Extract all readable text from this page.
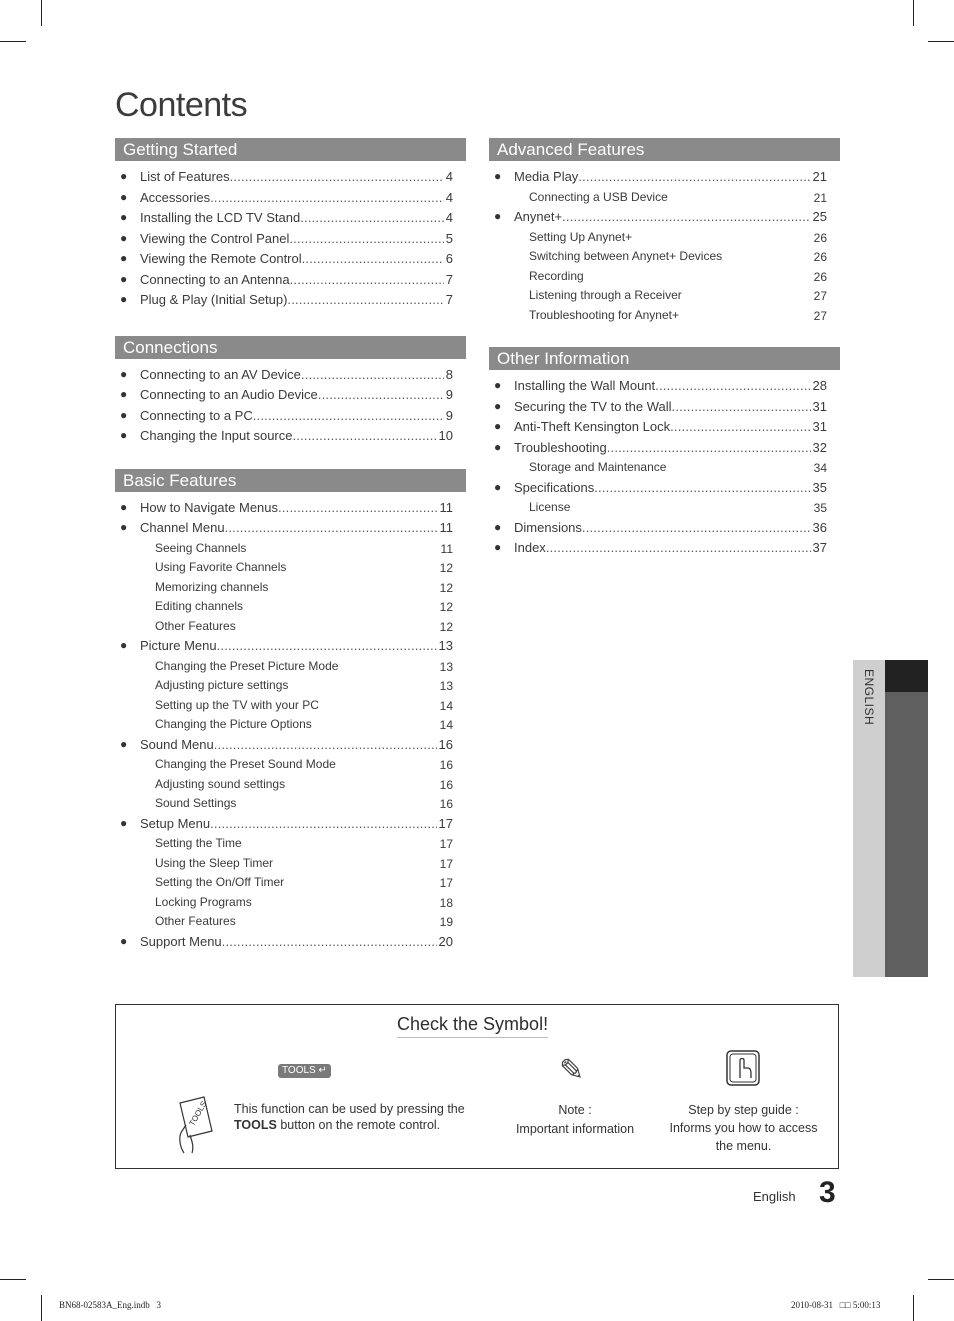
Contents
Getting Started
● List of Features .....	4
● Accessories .....	4
● Installing the LCD TV Stand .....	4
● Viewing the Control Panel .....	5
● Viewing the Remote Control .....	6
● Connecting to an Antenna .....	7
● Plug & Play (Initial Setup) .....	7
Connections
● Connecting to an AV Device .....	8
● Connecting to an Audio Device .....	9
● Connecting to a PC .....	9
● Changing the Input source .....	10
Basic Features
● How to Navigate Menus .....	11
● Channel Menu .....	11
Seeing Channels	11
Using Favorite Channels	12
Memorizing channels	12
Editing channels	12
Other Features	12
● Picture Menu .....	13
Changing the Preset Picture Mode	13
Adjusting picture settings	13
Setting up the TV with your PC	14
Changing the Picture Options	14
● Sound Menu .....	16
Changing the Preset Sound Mode	16
Adjusting sound settings	16
Sound Settings	16
● Setup Menu .....	17
Setting the Time	17
Using the Sleep Timer	17
Setting the On/Off Timer	17
Locking Programs	18
Other Features	19
● Support Menu .....	20
Advanced Features
● Media Play .....	21
Connecting a USB Device	21
● Anynet+ .....	25
Setting Up Anynet+	26
Switching between Anynet+ Devices	26
Recording	26
Listening through a Receiver	27
Troubleshooting for Anynet+	27
Other Information
● Installing the Wall Mount .....	28
● Securing the TV to the Wall .....	31
● Anti-Theft Kensington Lock .....	31
● Troubleshooting .....	32
Storage and Maintenance	34
● Specifications .....	35
License	35
● Dimensions .....	36
● Index .....	37
ENGLISH
Check the Symbol!
TOOLS ↵
TOOLS This function can be used by pressing the
TOOLS button on the remote control.
✎
Note :
Important information
Step by step guide :
Informs you how to access the menu.
English 3
BN68-02583A_Eng.indb   3	2010-08-31   □□ 5:00:13
